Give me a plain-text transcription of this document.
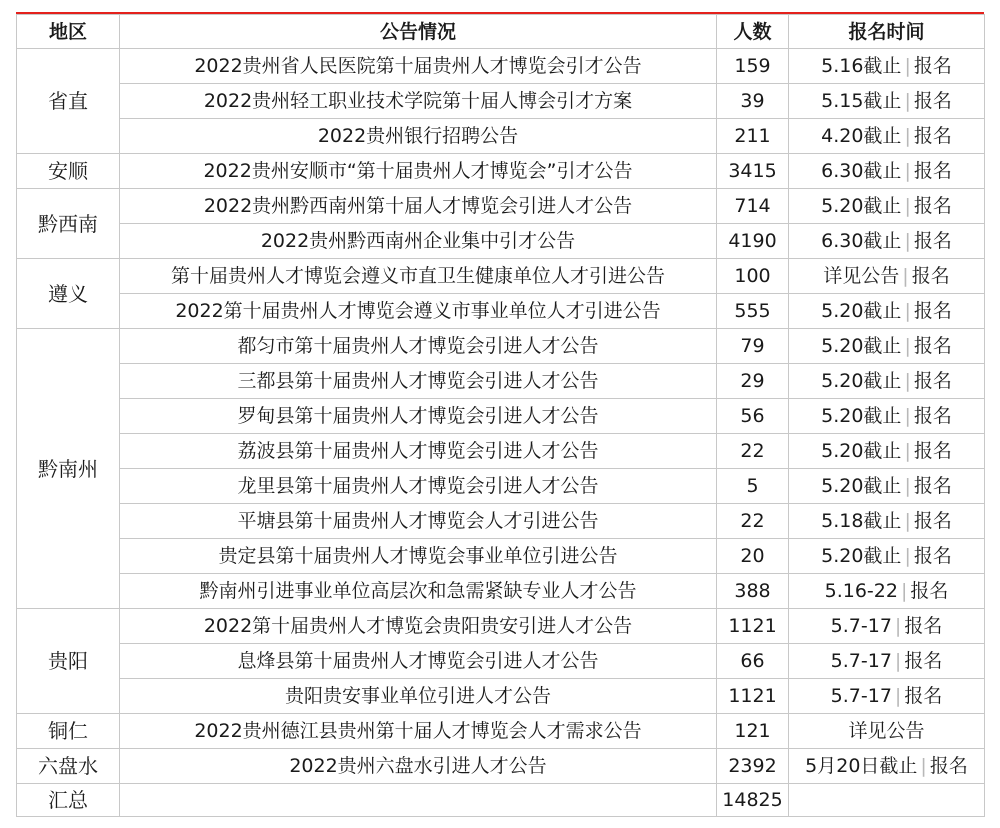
地区	公告情况	人数	报名时间
省直	2022贵州省人民医院第十届贵州人才博览会引才公告	159	5.16截止 | 报名
	2022贵州轻工职业技术学院第十届人博会引才方案	39	5.15截止 | 报名
	2022贵州银行招聘公告	211	4.20截止 | 报名
安顺	2022贵州安顺市“第十届贵州人才博览会”引才公告	3415	6.30截止 | 报名
黔西南	2022贵州黔西南州第十届人才博览会引进人才公告	714	5.20截止 | 报名
	2022贵州黔西南州企业集中引才公告	4190	6.30截止 | 报名
遵义	第十届贵州人才博览会遵义市直卫生健康单位人才引进公告	100	详见公告 | 报名
	2022第十届贵州人才博览会遵义市事业单位人才引进公告	555	5.20截止 | 报名
黔南州	都匀市第十届贵州人才博览会引进人才公告	79	5.20截止 | 报名
	三都县第十届贵州人才博览会引进人才公告	29	5.20截止 | 报名
	罗甸县第十届贵州人才博览会引进人才公告	56	5.20截止 | 报名
	荔波县第十届贵州人才博览会引进人才公告	22	5.20截止 | 报名
	龙里县第十届贵州人才博览会引进人才公告	5	5.20截止 | 报名
	平塘县第十届贵州人才博览会人才引进公告	22	5.18截止 | 报名
	贵定县第十届贵州人才博览会事业单位引进公告	20	5.20截止 | 报名
	黔南州引进事业单位高层次和急需紧缺专业人才公告	388	5.16-22 | 报名
贵阳	2022第十届贵州人才博览会贵阳贵安引进人才公告	1121	5.7-17 | 报名
	息烽县第十届贵州人才博览会引进人才公告	66	5.7-17 | 报名
	贵阳贵安事业单位引进人才公告	1121	5.7-17 | 报名
铜仁	2022贵州德江县贵州第十届人才博览会人才需求公告	121	详见公告
六盘水	2022贵州六盘水引进人才公告	2392	5月20日截止 | 报名
汇总		14825	
